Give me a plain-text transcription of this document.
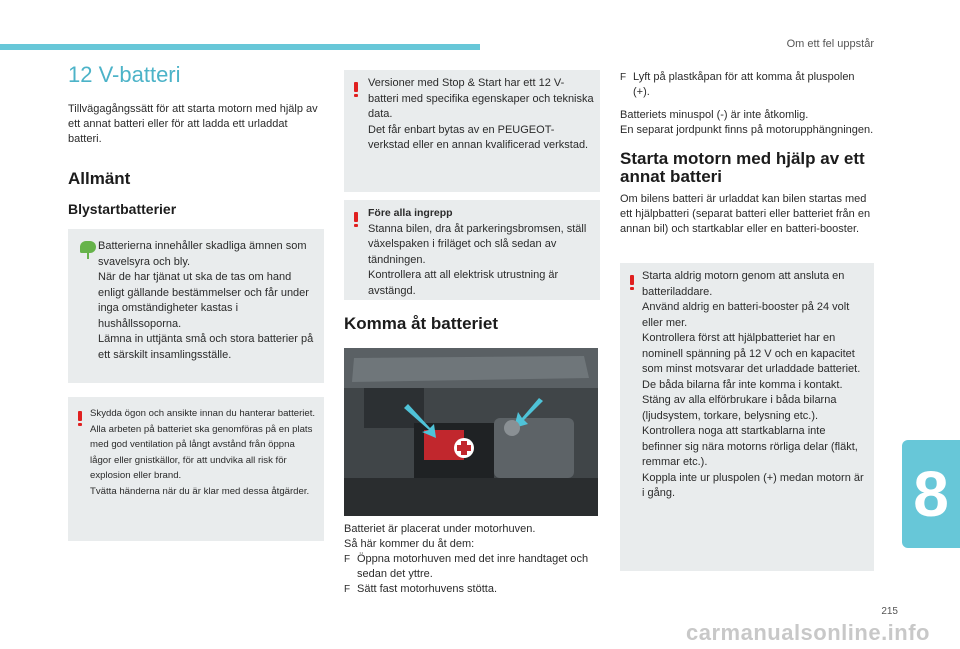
Om ett fel uppstår
12 V-batteri
Tillvägagångssätt för att starta motorn med hjälp av ett annat batteri eller för att ladda ett urladdat batteri.
Allmänt
Blystartbatterier
Batterierna innehåller skadliga ämnen som svavelsyra och bly.
När de har tjänat ut ska de tas om hand enligt gällande bestämmelser och får under inga omständigheter kastas i hushållssoporna.
Lämna in uttjänta små och stora batterier på ett särskilt insamlingsställe.
Skydda ögon och ansikte innan du hanterar batteriet.
Alla arbeten på batteriet ska genomföras på en plats med god ventilation på långt avstånd från öppna lågor eller gnistkällor, för att undvika all risk för explosion eller brand.
Tvätta händerna när du är klar med dessa åtgärder.
Versioner med Stop & Start har ett 12 V-batteri med specifika egenskaper och tekniska data.
Det får enbart bytas av en PEUGEOT-verkstad eller en annan kvalificerad verkstad.
Före alla ingrepp
Stanna bilen, dra åt parkeringsbromsen, ställ växelspaken i friläget och slå sedan av tändningen.
Kontrollera att all elektrisk utrustning är avstängd.
Komma åt batteriet
Batteriet är placerat under motorhuven.
Så här kommer du åt dem:
F Öppna motorhuven med det inre handtaget och sedan det yttre.
F Sätt fast motorhuvens stötta.
F Lyft på plastkåpan för att komma åt pluspolen (+).
Batteriets minuspol (-) är inte åtkomlig.
En separat jordpunkt finns på motorupphängningen.
Starta motorn med hjälp av ett annat batteri
Om bilens batteri är urladdat kan bilen startas med ett hjälpbatteri (separat batteri eller batteriet från en annan bil) och startkablar eller en batteri-booster.
Starta aldrig motorn genom att ansluta en batteriladdare.
Använd aldrig en batteri-booster på 24 volt eller mer.
Kontrollera först att hjälpbatteriet har en nominell spänning på 12 V och en kapacitet som minst motsvarar det urladdade batteriet.
De båda bilarna får inte komma i kontakt.
Stäng av alla elförbrukare i båda bilarna (ljudsystem, torkare, belysning etc.).
Kontrollera noga att startkablarna inte befinner sig nära motorns rörliga delar (fläkt, remmar etc.).
Koppla inte ur pluspolen (+) medan motorn är i gång.	8
215
carmanualsonline.info
